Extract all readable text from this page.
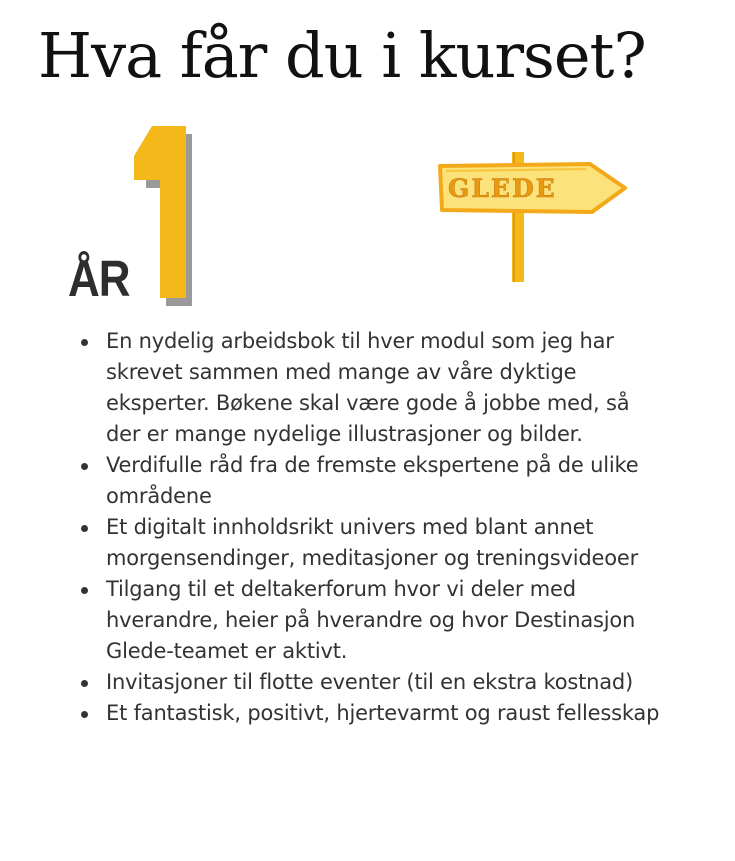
Hva får du i kurset?
ÅR
1
GLEDE
En nydelig arbeidsbok til hver modul som jeg har skrevet sammen med mange av våre dyktige eksperter. Bøkene skal være gode å jobbe med, så der er mange nydelige illustrasjoner og bilder.
Verdifulle råd fra de fremste ekspertene på de ulike områdene
Et digitalt innholdsrikt univers med blant annet morgensendinger, meditasjoner og treningsvideoer
Tilgang til et deltakerforum hvor vi deler med hverandre, heier på hverandre og hvor Destinasjon Glede-teamet er aktivt.
Invitasjoner til flotte eventer (til en ekstra kostnad)
Et fantastisk, positivt, hjertevarmt og raust fellesskap
